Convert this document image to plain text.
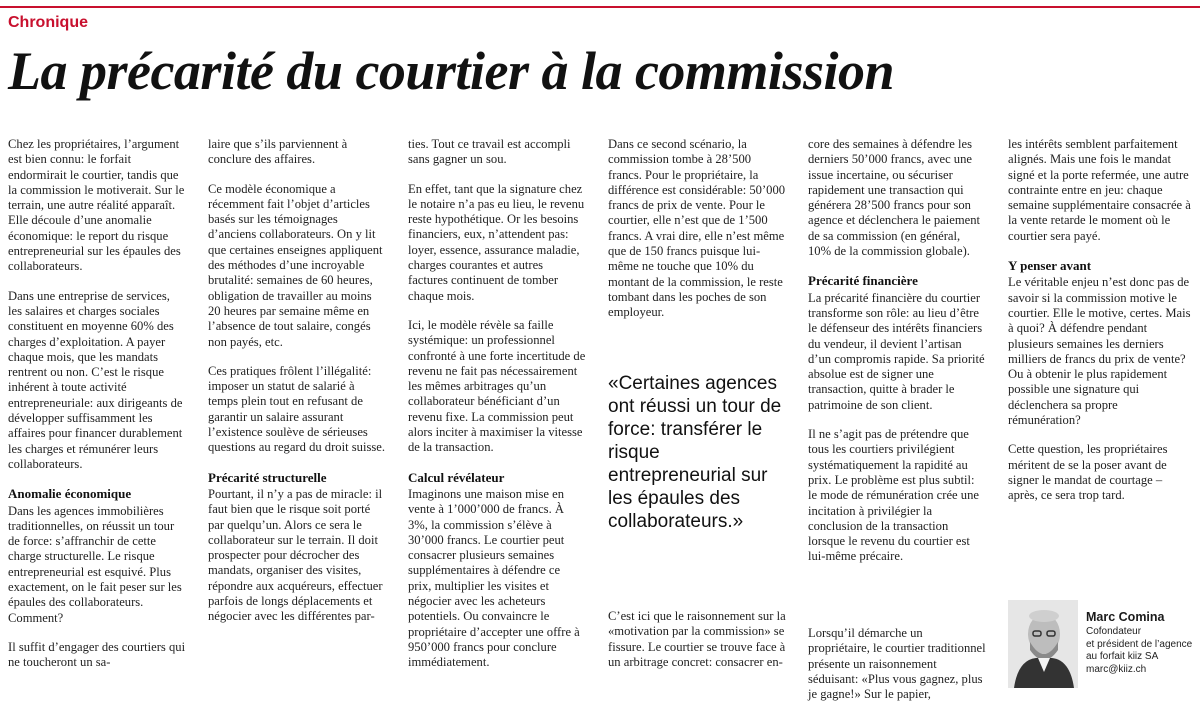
Chronique
La précarité du courtier à la commission

Chez les propriétaires, l’argument est bien connu: le forfait endormirait le courtier, tandis que la commission le motiverait. Sur le terrain, une autre réalité apparaît. Elle découle d’une anomalie économique: le report du risque entrepreneurial sur les épaules des collaborateurs.

Dans une entreprise de services, les salaires et charges sociales constituent en moyenne 60% des charges d’exploitation. A payer chaque mois, que les mandats rentrent ou non. C’est le risque inhérent à toute activité entrepreneuriale: aux dirigeants de développer suffisamment les affaires pour financer durablement les charges et rémunérer leurs collaborateurs.

Anomalie économique

Dans les agences immobilières traditionnelles, on réussit un tour de force: s’affranchir de cette charge structurelle. Le risque entrepreneurial est esquivé. Plus exactement, on le fait peser sur les épaules des collaborateurs. Comment?

Il suffit d’engager des courtiers qui ne toucheront un sa-

laire que s’ils parviennent à conclure des affaires.

Ce modèle économique a récemment fait l’objet d’articles basés sur les témoignages d’anciens collaborateurs. On y lit que certaines enseignes appliquent des méthodes d’une incroyable brutalité: semaines de 60 heures, obligation de travailler au moins 20 heures par semaine même en l’absence de tout salaire, congés non payés, etc.

Ces pratiques frôlent l’illégalité: imposer un statut de salarié à temps plein tout en refusant de garantir un salaire assurant l’existence soulève de sérieuses questions au regard du droit suisse.

Précarité structurelle

Pourtant, il n’y a pas de miracle: il faut bien que le risque soit porté par quelqu’un. Alors ce sera le collaborateur sur le terrain. Il doit prospecter pour décrocher des mandats, organiser des visites, répondre aux acquéreurs, effectuer parfois de longs déplacements et négocier avec les différentes par-

ties. Tout ce travail est accompli sans gagner un sou.

En effet, tant que la signature chez le notaire n’a pas eu lieu, le revenu reste hypothétique. Or les besoins financiers, eux, n’attendent pas: loyer, essence, assurance maladie, charges courantes et autres factures continuent de tomber chaque mois.

Ici, le modèle révèle sa faille systémique: un professionnel confronté à une forte incertitude de revenu ne fait pas nécessairement les mêmes arbitrages qu’un collaborateur bénéficiant d’un revenu fixe. La commission peut alors inciter à maximiser la vitesse de la transaction.

Calcul révélateur

Imaginons une maison mise en vente à 1’000’000 de francs. À 3%, la commission s’élève à 30’000 francs. Le courtier peut consacrer plusieurs semaines supplémentaires à défendre ce prix, multiplier les visites et négocier avec les acheteurs potentiels. Ou convaincre le propriétaire d’accepter une offre à 950’000 francs pour conclure immédiatement.

Dans ce second scénario, la commission tombe à 28’500 francs. Pour le propriétaire, la différence est considérable: 50’000 francs de prix de vente. Pour le courtier, elle n’est que de 1’500 francs. A vrai dire, elle n’est même que de 150 francs puisque lui-même ne touche que 10% du montant de la commission, le reste tombant dans les poches de son employeur.

«Certaines agences ont réussi un tour de force: transférer le risque entrepreneurial sur les épaules des collaborateurs.»

C’est ici que le raisonnement sur la «motivation par la commission» se fissure. Le courtier se trouve face à un arbitrage concret: consacrer en-

core des semaines à défendre les derniers 50’000 francs, avec une issue incertaine, ou sécuriser rapidement une transaction qui générera 28’500 francs pour son agence et déclenchera le paiement de sa commission (en général, 10% de la commission globale).

Précarité financière

La précarité financière du courtier transforme son rôle: au lieu d’être le défenseur des intérêts financiers du vendeur, il devient l’artisan d’un compromis rapide. Sa priorité absolue est de signer une transaction, quitte à brader le patrimoine de son client.

Il ne s’agit pas de prétendre que tous les courtiers privilégient systématiquement la rapidité au prix. Le problème est plus subtil: le mode de rémunération crée une incitation à privilégier la conclusion de la transaction lorsque le revenu du courtier est lui-même précaire.

Lorsqu’il démarche un propriétaire, le courtier traditionnel présente un raisonnement séduisant: «Plus vous gagnez, plus je gagne!» Sur le papier,

les intérêts semblent parfaitement alignés. Mais une fois le mandat signé et la porte refermée, une autre contrainte entre en jeu: chaque semaine supplémentaire consacrée à la vente retarde le moment où le courtier sera payé.

Y penser avant

Le véritable enjeu n’est donc pas de savoir si la commission motive le courtier. Elle le motive, certes. Mais à quoi? À défendre pendant plusieurs semaines les derniers milliers de francs du prix de vente? Ou à obtenir le plus rapidement possible une signature qui déclenchera sa propre rémunération?

Cette question, les propriétaires méritent de se la poser avant de signer le mandat de courtage – après, ce sera trop tard.

Marc Comina
Cofondateur
et président de l’agence
au forfait kiiz SA
marc@kiiz.ch
